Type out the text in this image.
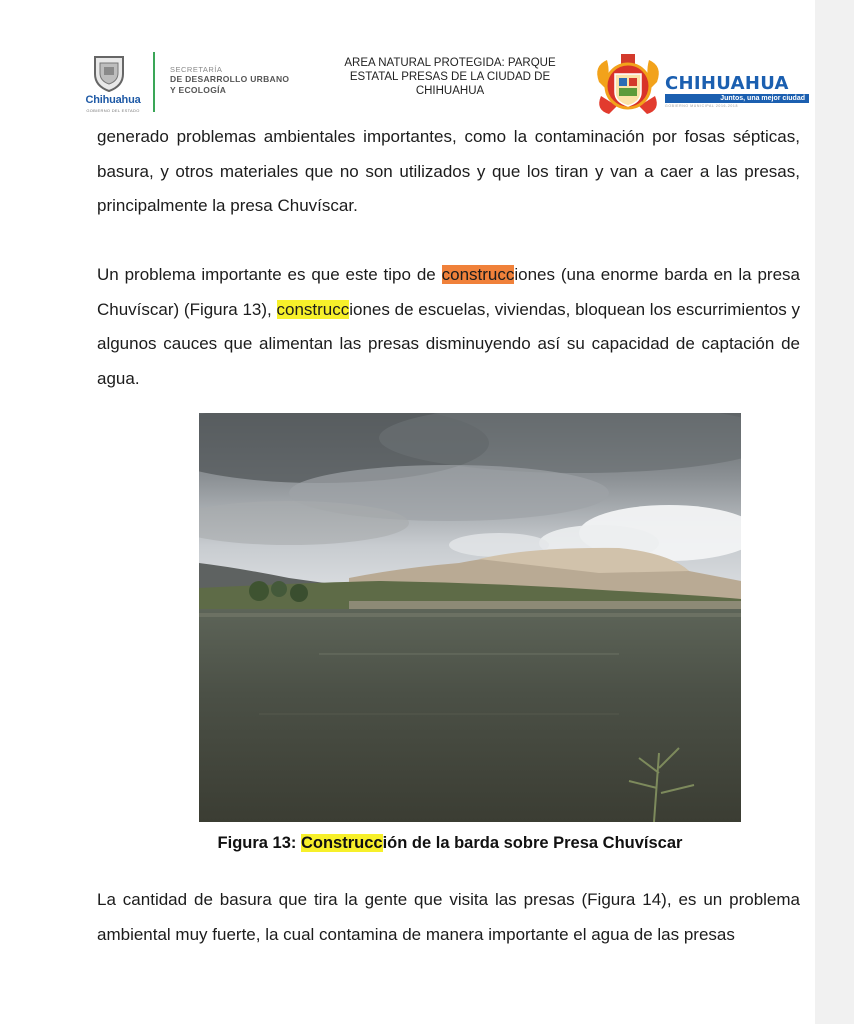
Chihuahua
GOBIERNO DEL ESTADO
SECRETARÍA
DE DESARROLLO URBANO
Y ECOLOGÍA
AREA NATURAL PROTEGIDA: PARQUE
ESTATAL PRESAS DE LA CIUDAD DE
CHIHUAHUA	CHIHUAHUA
Juntos, una mejor ciudad
GOBIERNO MUNICIPAL 2016-2018
generado problemas ambientales importantes, como la contaminación por fosas sépticas, basura, y otros materiales que no son utilizados y que los tiran y van a caer a las presas, principalmente la presa Chuvíscar.
Un problema importante es que este tipo de construcciones (una enorme barda en la presa Chuvíscar) (Figura 13), construcciones de escuelas, viviendas, bloquean los escurrimientos y algunos cauces que alimentan las presas disminuyendo así su capacidad de captación de agua.
Figura 13: Construcción de la barda sobre Presa Chuvíscar
La cantidad de basura que tira la gente que visita las presas (Figura 14), es un problema ambiental muy fuerte, la cual contamina de manera importante el agua de las presas
